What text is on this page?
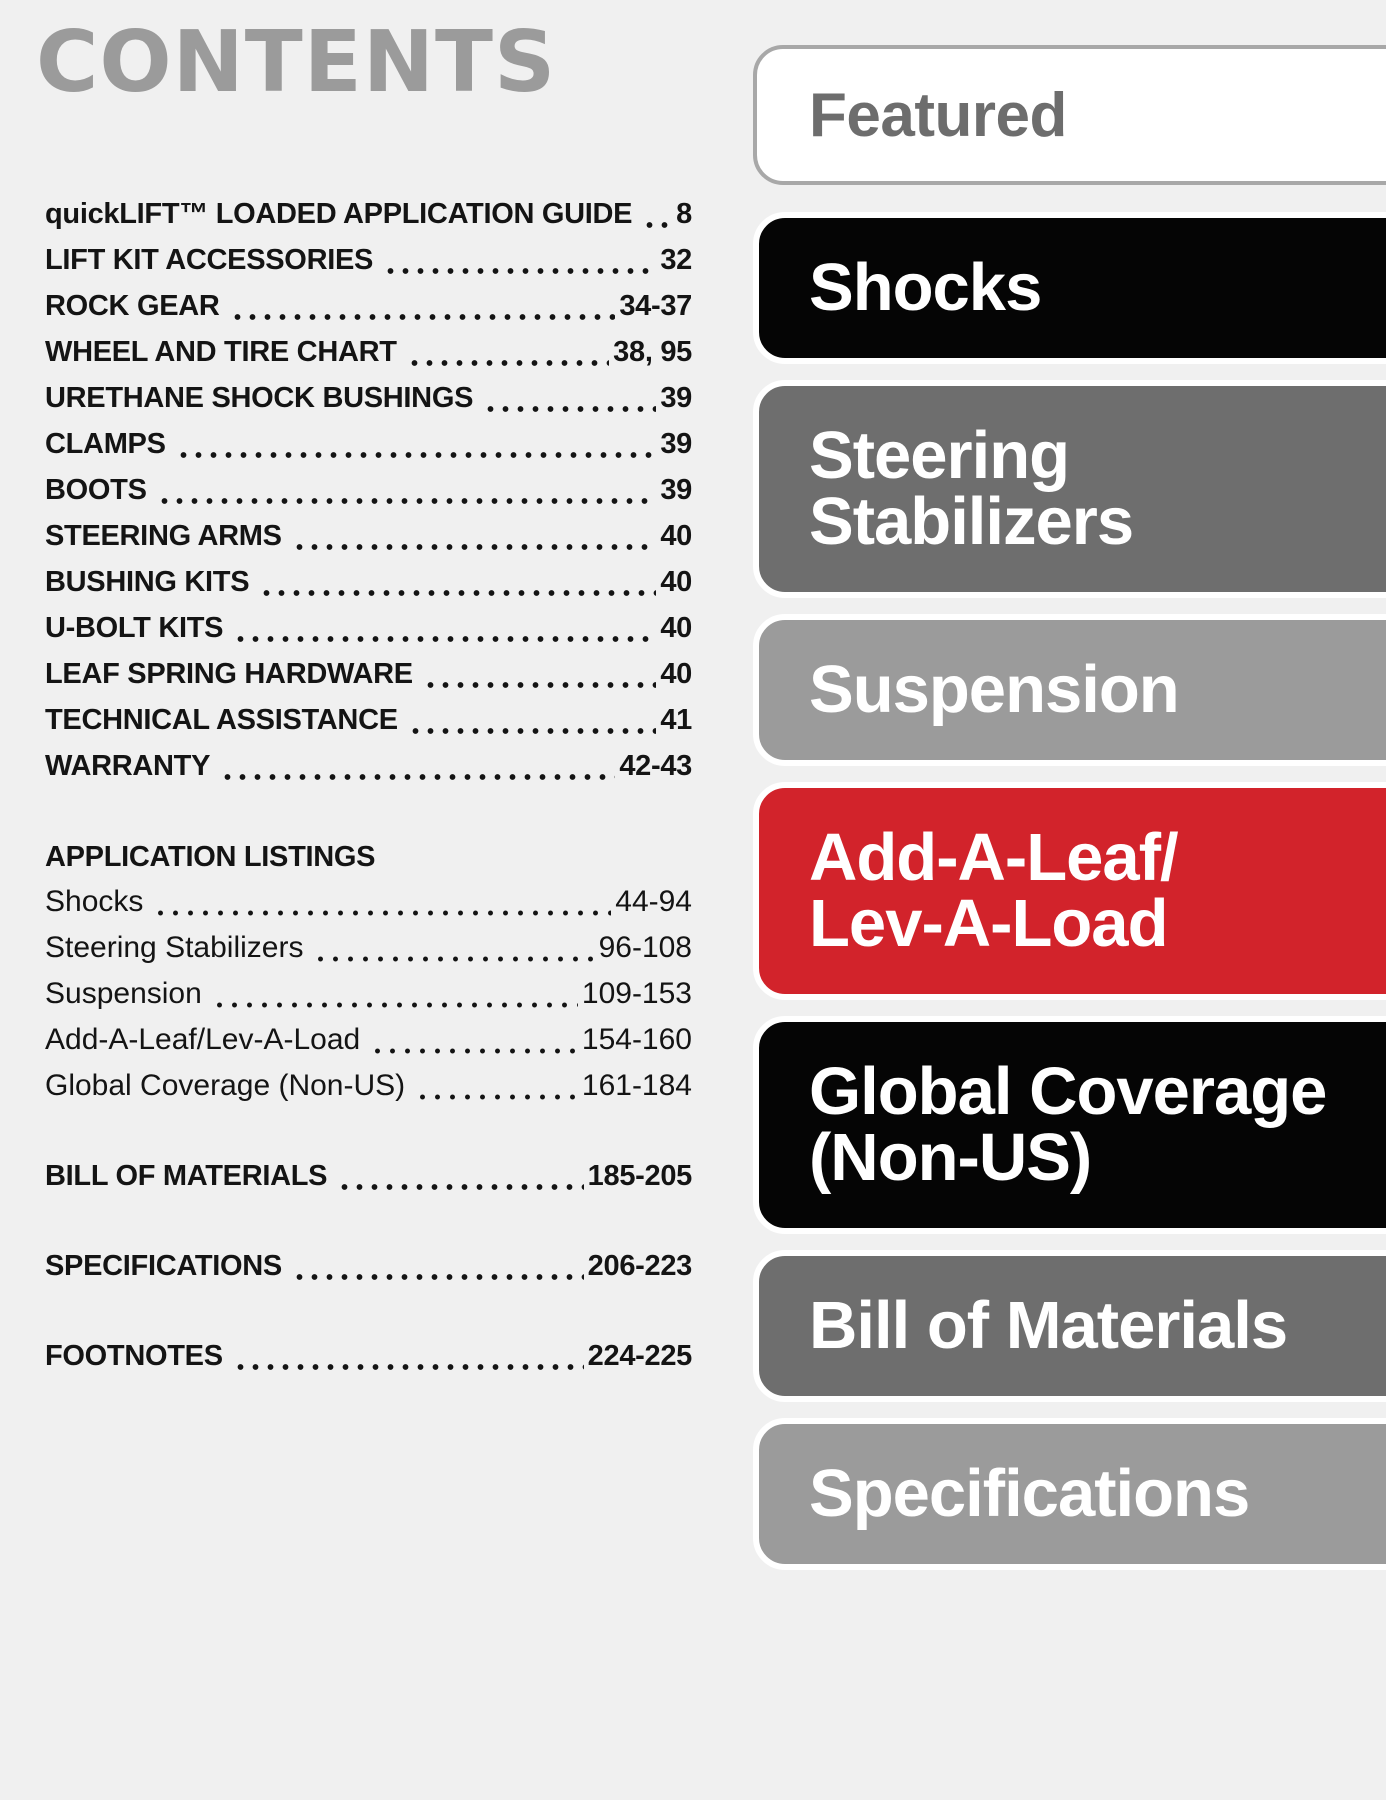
CONTENTS
quickLIFT™ LOADED APPLICATION GUIDE 8
LIFT KIT ACCESSORIES	32
ROCK GEAR	34-37
WHEEL AND TIRE CHART	38, 95
URETHANE SHOCK BUSHINGS	39
CLAMPS	39
BOOTS	39
STEERING ARMS	40
BUSHING KITS	40
U-BOLT KITS	40
LEAF SPRING HARDWARE	40
TECHNICAL ASSISTANCE	41
WARRANTY	42-43
APPLICATION LISTINGS
Shocks	44-94
Steering Stabilizers	96-108
Suspension	109-153
Add-A-Leaf/Lev-A-Load	154-160
Global Coverage (Non-US)	161-184
BILL OF MATERIALS	185-205
SPECIFICATIONS	206-223
FOOTNOTES	224-225
Featured
Shocks
Steering
Stabilizers
Suspension
Add-A-Leaf/
Lev-A-Load
Global Coverage
(Non-US)
Bill of Materials
Specifications
